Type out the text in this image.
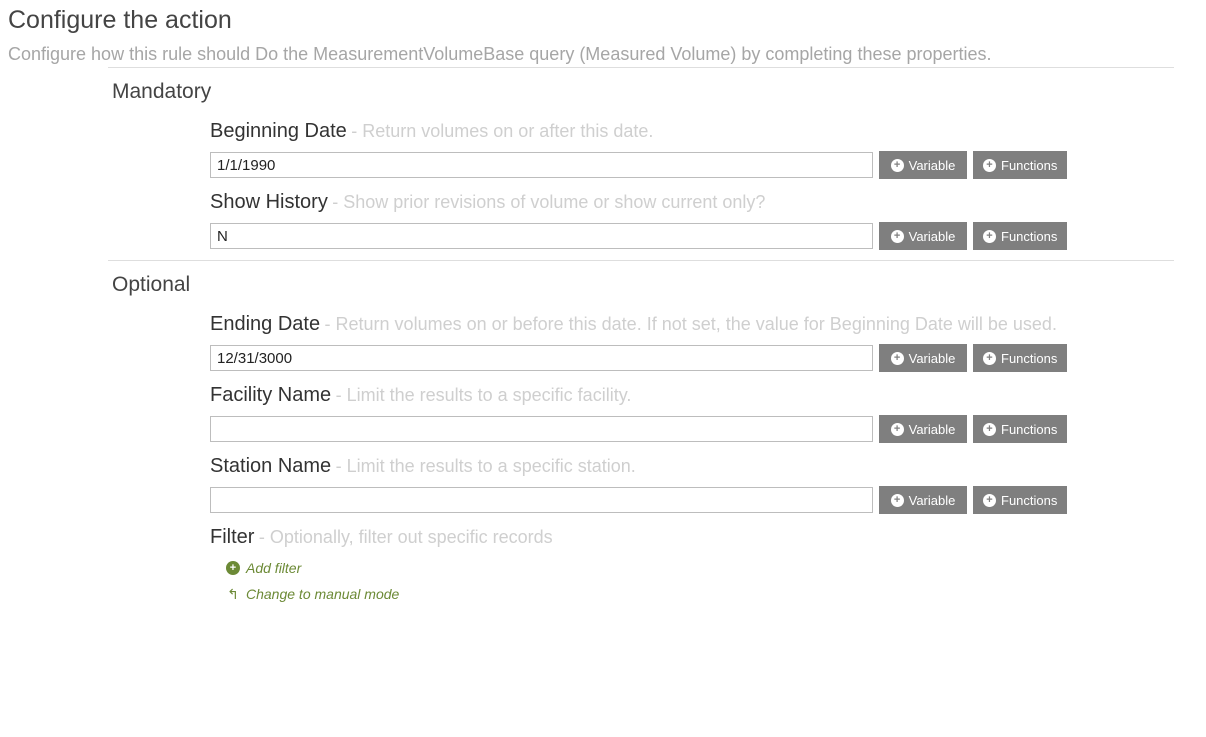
Configure the action
Configure how this rule should Do the MeasurementVolumeBase query (Measured Volume) by completing these properties.
Mandatory
Beginning Date - Return volumes on or after this date.
1/1/1990
+ Variable	+ Functions
Show History - Show prior revisions of volume or show current only?
N
+ Variable	+ Functions
Optional
Ending Date - Return volumes on or before this date. If not set, the value for Beginning Date will be used.
12/31/3000
+ Variable	+ Functions
Facility Name - Limit the results to a specific facility.
+ Variable	+ Functions
Station Name - Limit the results to a specific station.
+ Variable	+ Functions
Filter - Optionally, filter out specific records
+ Add filter
↰ Change to manual mode
